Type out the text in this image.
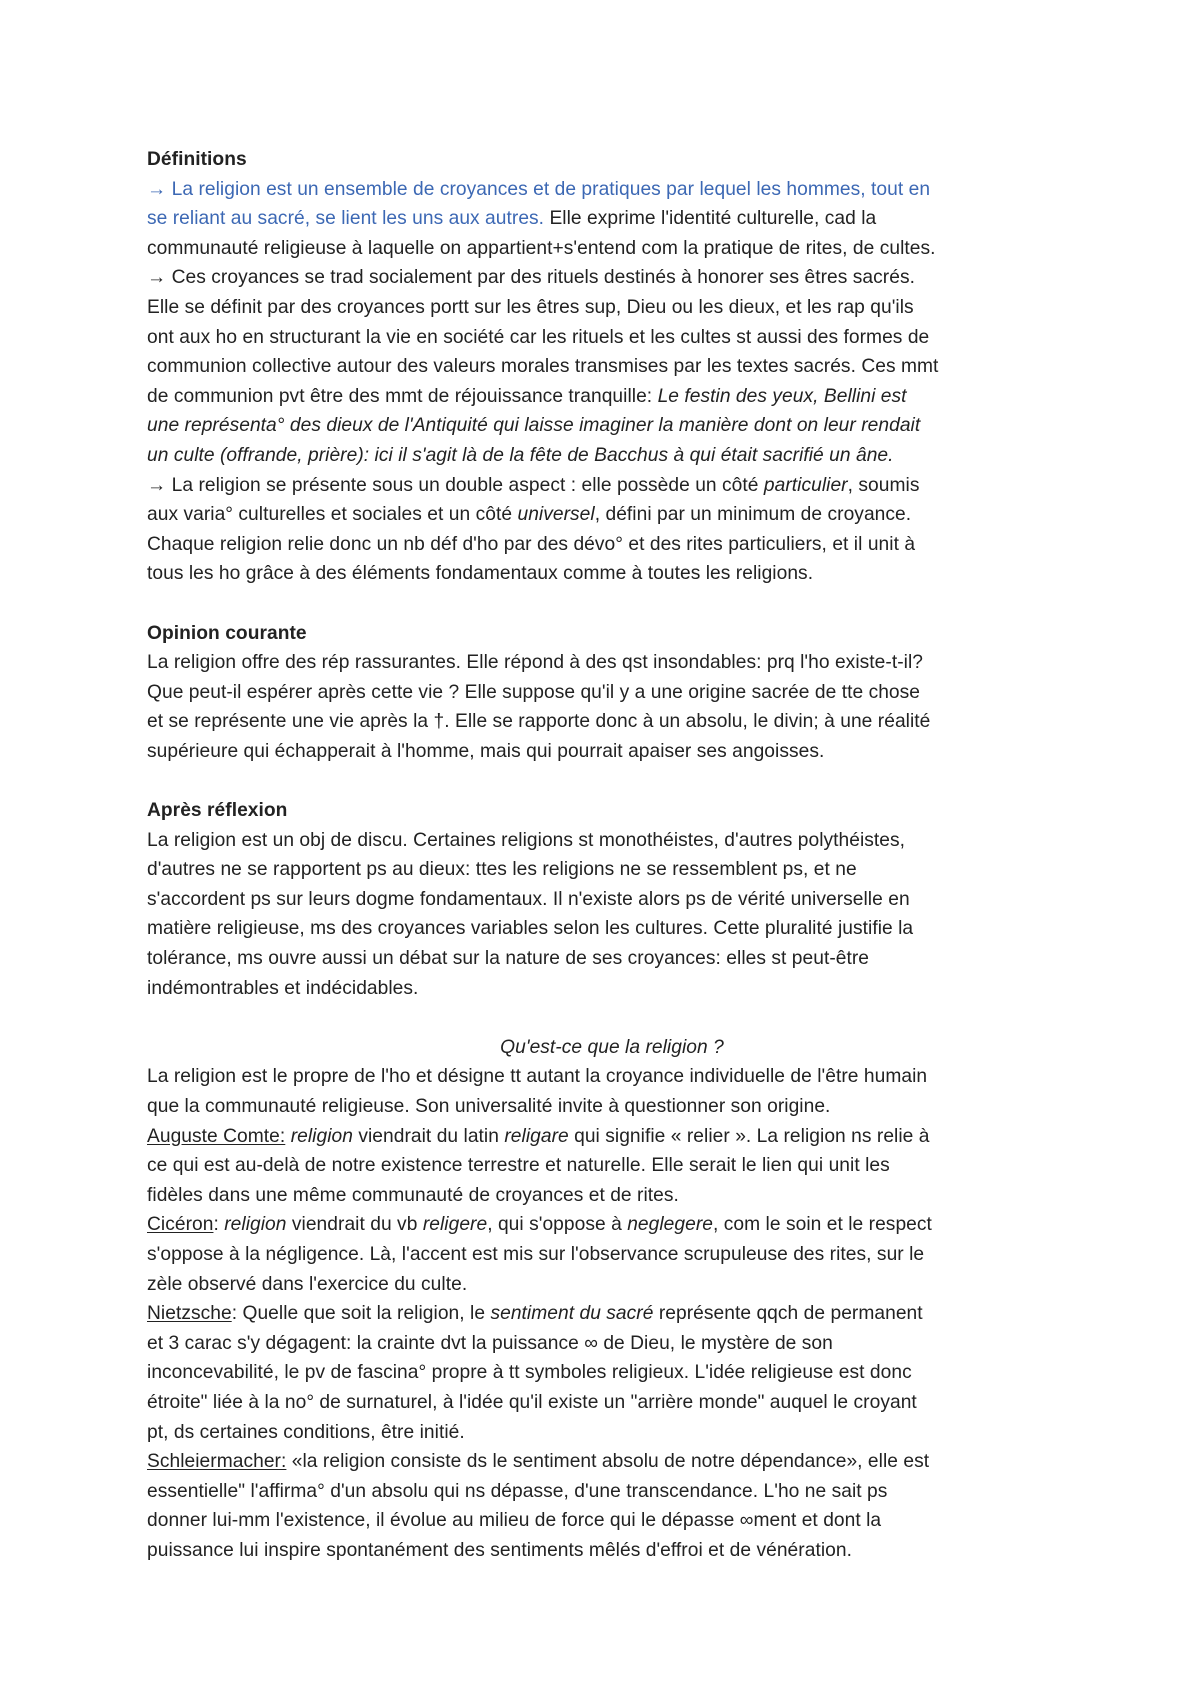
Définitions
→ La religion est un ensemble de croyances et de pratiques par lequel les hommes, tout en
se reliant au sacré, se lient les uns aux autres. Elle exprime l'identité culturelle, cad la
communauté religieuse à laquelle on appartient+s'entend com la pratique de rites, de cultes.
→ Ces croyances se trad socialement par des rituels destinés à honorer ses êtres sacrés.
Elle se définit par des croyances portt sur les êtres sup, Dieu ou les dieux, et les rap qu'ils
ont aux ho en structurant la vie en société car les rituels et les cultes st aussi des formes de
communion collective autour des valeurs morales transmises par les textes sacrés. Ces mmt
de communion pvt être des mmt de réjouissance tranquille: Le festin des yeux, Bellini est
une représenta° des dieux de l'Antiquité qui laisse imaginer la manière dont on leur rendait
un culte (offrande, prière): ici il s'agit là de la fête de Bacchus à qui était sacrifié un âne.
→ La religion se présente sous un double aspect : elle possède un côté particulier, soumis
aux varia° culturelles et sociales et un côté universel, défini par un minimum de croyance.
Chaque religion relie donc un nb déf d'ho par des dévo° et des rites particuliers, et il unit à
tous les ho grâce à des éléments fondamentaux comme à toutes les religions.
Opinion courante
La religion offre des rép rassurantes. Elle répond à des qst insondables: prq l'ho existe-t-il?
Que peut-il espérer après cette vie ? Elle suppose qu'il y a une origine sacrée de tte chose
et se représente une vie après la †. Elle se rapporte donc à un absolu, le divin; à une réalité
supérieure qui échapperait à l'homme, mais qui pourrait apaiser ses angoisses.
Après réflexion
La religion est un obj de discu. Certaines religions st monothéistes, d'autres polythéistes,
d'autres ne se rapportent ps au dieux: ttes les religions ne se ressemblent ps, et ne
s'accordent ps sur leurs dogme fondamentaux. Il n'existe alors ps de vérité universelle en
matière religieuse, ms des croyances variables selon les cultures. Cette pluralité justifie la
tolérance, ms ouvre aussi un débat sur la nature de ses croyances: elles st peut-être
indémontrables et indécidables.
Qu'est-ce que la religion ?
La religion est le propre de l'ho et désigne tt autant la croyance individuelle de l'être humain
que la communauté religieuse. Son universalité invite à questionner son origine.
Auguste Comte: religion viendrait du latin religare qui signifie « relier ». La religion ns relie à
ce qui est au-delà de notre existence terrestre et naturelle. Elle serait le lien qui unit les
fidèles dans une même communauté de croyances et de rites.
Cicéron: religion viendrait du vb religere, qui s'oppose à neglegere, com le soin et le respect
s'oppose à la négligence. Là, l'accent est mis sur l'observance scrupuleuse des rites, sur le
zèle observé dans l'exercice du culte.
Nietzsche: Quelle que soit la religion, le sentiment du sacré représente qqch de permanent
et 3 carac s'y dégagent: la crainte dvt la puissance ∞ de Dieu, le mystère de son
inconcevabilité, le pv de fascina° propre à tt symboles religieux. L'idée religieuse est donc
étroite" liée à la no° de surnaturel, à l'idée qu'il existe un "arrière monde" auquel le croyant
pt, ds certaines conditions, être initié.
Schleiermacher: «la religion consiste ds le sentiment absolu de notre dépendance», elle est
essentielle" l'affirma° d'un absolu qui ns dépasse, d'une transcendance. L'ho ne sait ps
donner lui-mm l'existence, il évolue au milieu de force qui le dépasse ∞ment et dont la
puissance lui inspire spontanément des sentiments mêlés d'effroi et de vénération.
